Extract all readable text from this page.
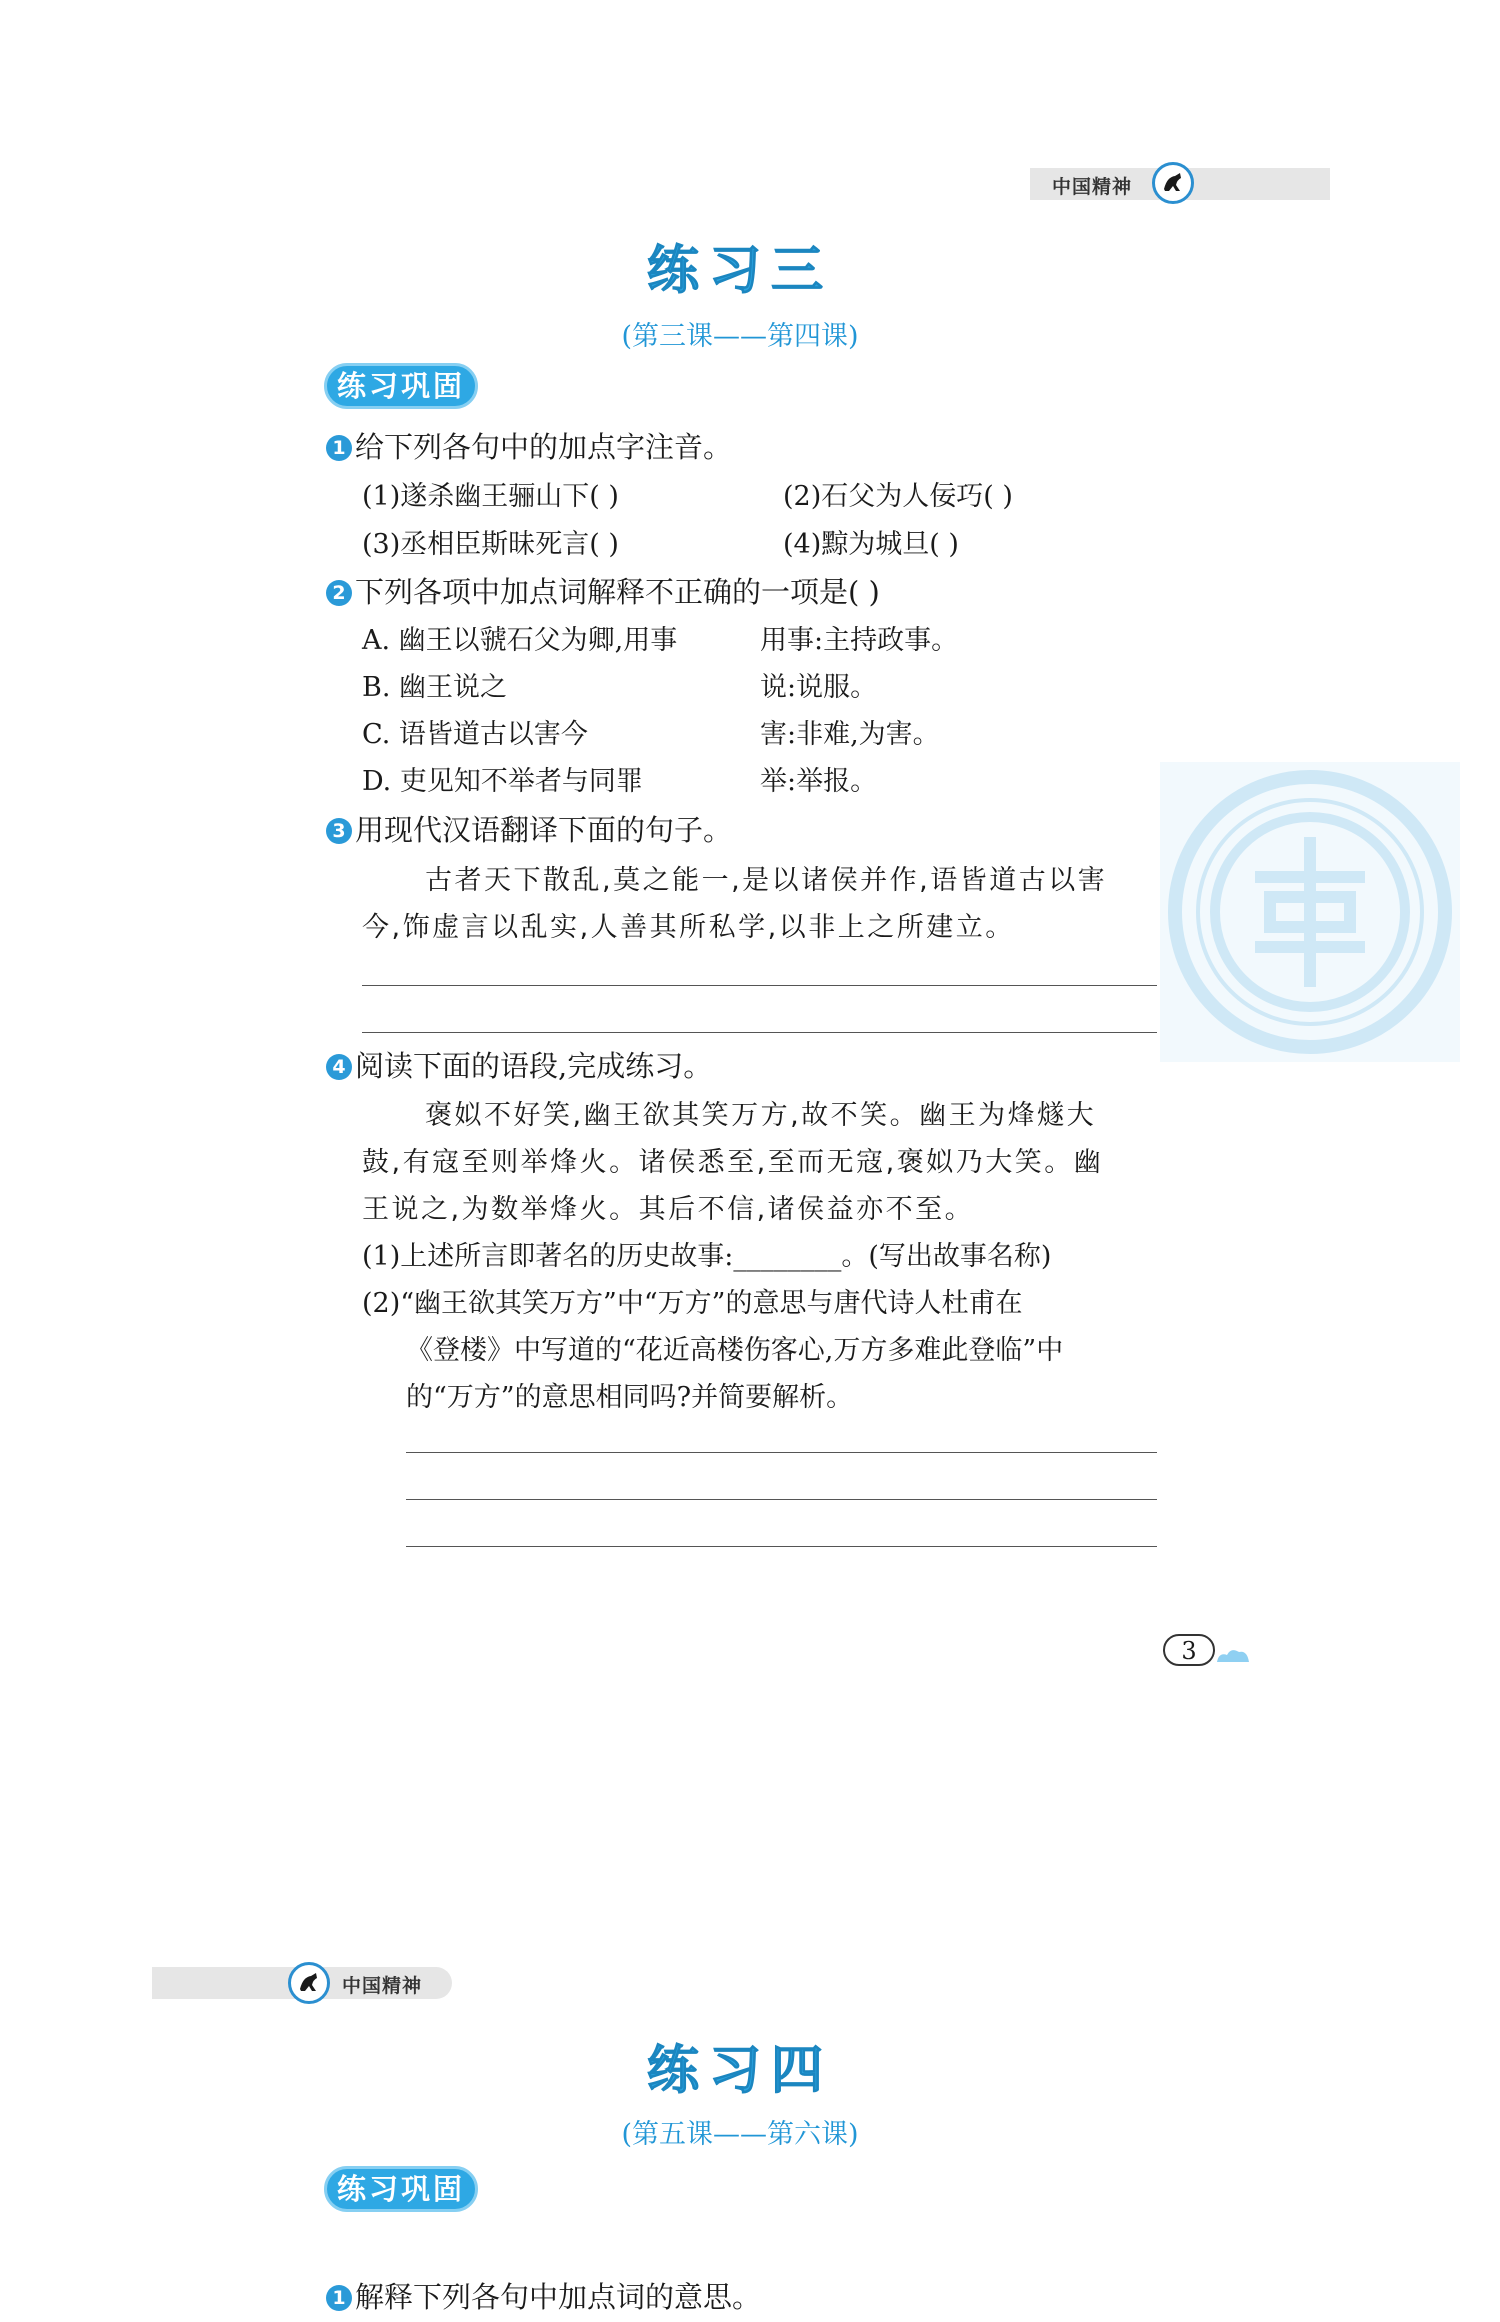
中国精神
练习三
(第三课——第四课)
练习巩固
1 给下列各句中的加点字注音。
(1)遂杀幽王骊山下( )	(2)石父为人佞巧( )
(3)丞相臣斯昧死言( )	(4)黥为城旦( )
2 下列各项中加点词解释不正确的一项是( )
A. 幽王以虢石父为卿,用事	用事:主持政事。
B. 幽王说之	说:说服。
C. 语皆道古以害今	害:非难,为害。
D. 吏见知不举者与同罪	举:举报。
3 用现代汉语翻译下面的句子。
古者天下散乱,莫之能一,是以诸侯并作,语皆道古以害
今,饰虚言以乱实,人善其所私学,以非上之所建立。
4 阅读下面的语段,完成练习。
褒姒不好笑,幽王欲其笑万方,故不笑。幽王为烽燧大
鼓,有寇至则举烽火。诸侯悉至,至而无寇,褒姒乃大笑。幽
王说之,为数举烽火。其后不信,诸侯益亦不至。
(1)上述所言即著名的历史故事:________。(写出故事名称)
(2)“幽王欲其笑万方”中“万方”的意思与唐代诗人杜甫在
《登楼》中写道的“花近高楼伤客心,万方多难此登临”中
的“万方”的意思相同吗?并简要解析。
3
中国精神
练习四
(第五课——第六课)
练习巩固
1 解释下列各句中加点词的意思。
